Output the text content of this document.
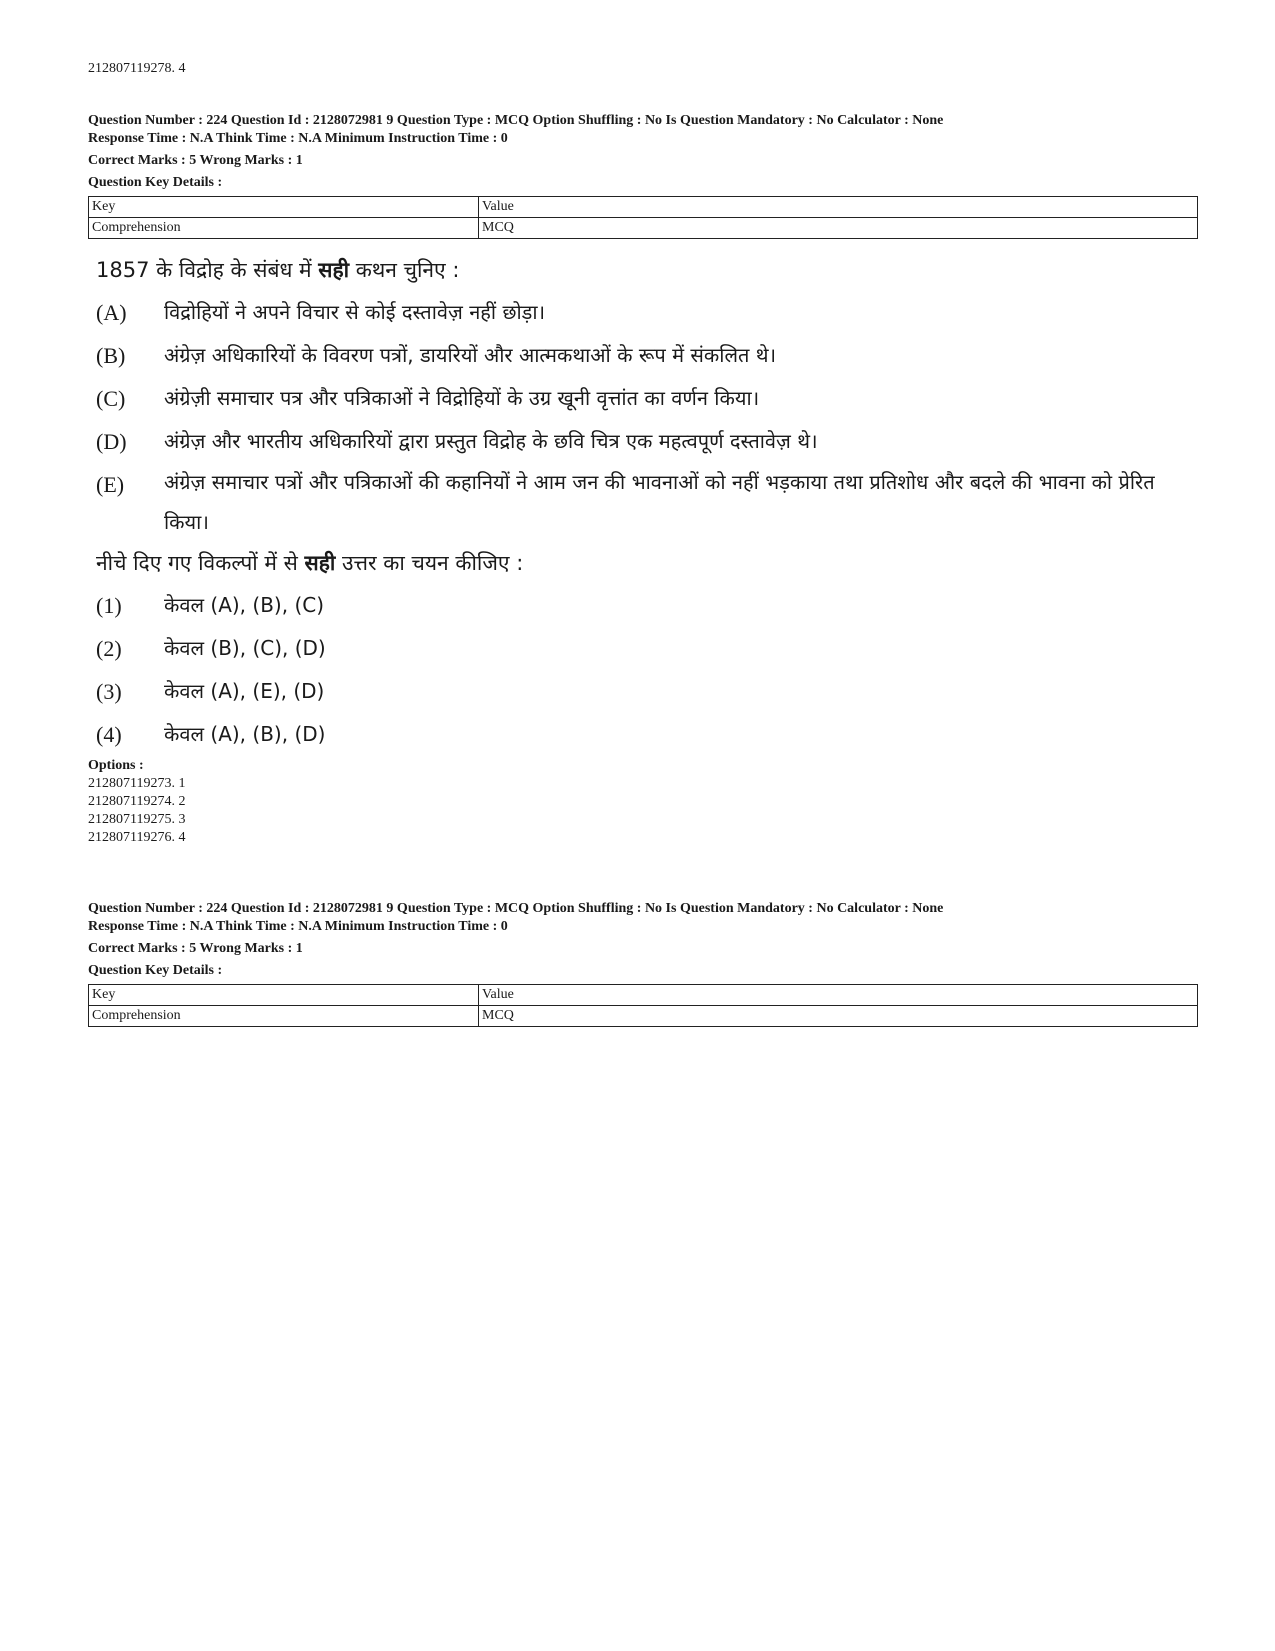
212807119278. 4
Question Number : 224 Question Id : 2128072981 9 Question Type : MCQ Option Shuffling : No Is Question Mandatory : No Calculator : None
Response Time : N.A Think Time : N.A Minimum Instruction Time : 0
Correct Marks : 5 Wrong Marks : 1
Question Key Details :
Key	Value
Comprehension	MCQ
1857 के विद्रोह के संबंध में सही कथन चुनिए :
(A) विद्रोहियों ने अपने विचार से कोई दस्तावेज़ नहीं छोड़ा।
(B) अंग्रेज़ अधिकारियों के विवरण पत्रों, डायरियों और आत्मकथाओं के रूप में संकलित थे।
(C) अंग्रेज़ी समाचार पत्र और पत्रिकाओं ने विद्रोहियों के उग्र खूनी वृत्तांत का वर्णन किया।
(D) अंग्रेज़ और भारतीय अधिकारियों द्वारा प्रस्तुत विद्रोह के छवि चित्र एक महत्वपूर्ण दस्तावेज़ थे।
(E) अंग्रेज़ समाचार पत्रों और पत्रिकाओं की कहानियों ने आम जन की भावनाओं को नहीं भड़काया तथा प्रतिशोध और बदले की भावना को प्रेरित किया।
नीचे दिए गए विकल्पों में से सही उत्तर का चयन कीजिए :
(1) केवल (A), (B), (C)
(2) केवल (B), (C), (D)
(3) केवल (A), (E), (D)
(4) केवल (A), (B), (D)
Options :
212807119273. 1
212807119274. 2
212807119275. 3
212807119276. 4
Question Number : 224 Question Id : 2128072981 9 Question Type : MCQ Option Shuffling : No Is Question Mandatory : No Calculator : None
Response Time : N.A Think Time : N.A Minimum Instruction Time : 0
Correct Marks : 5 Wrong Marks : 1
Question Key Details :
Key	Value
Comprehension	MCQ
